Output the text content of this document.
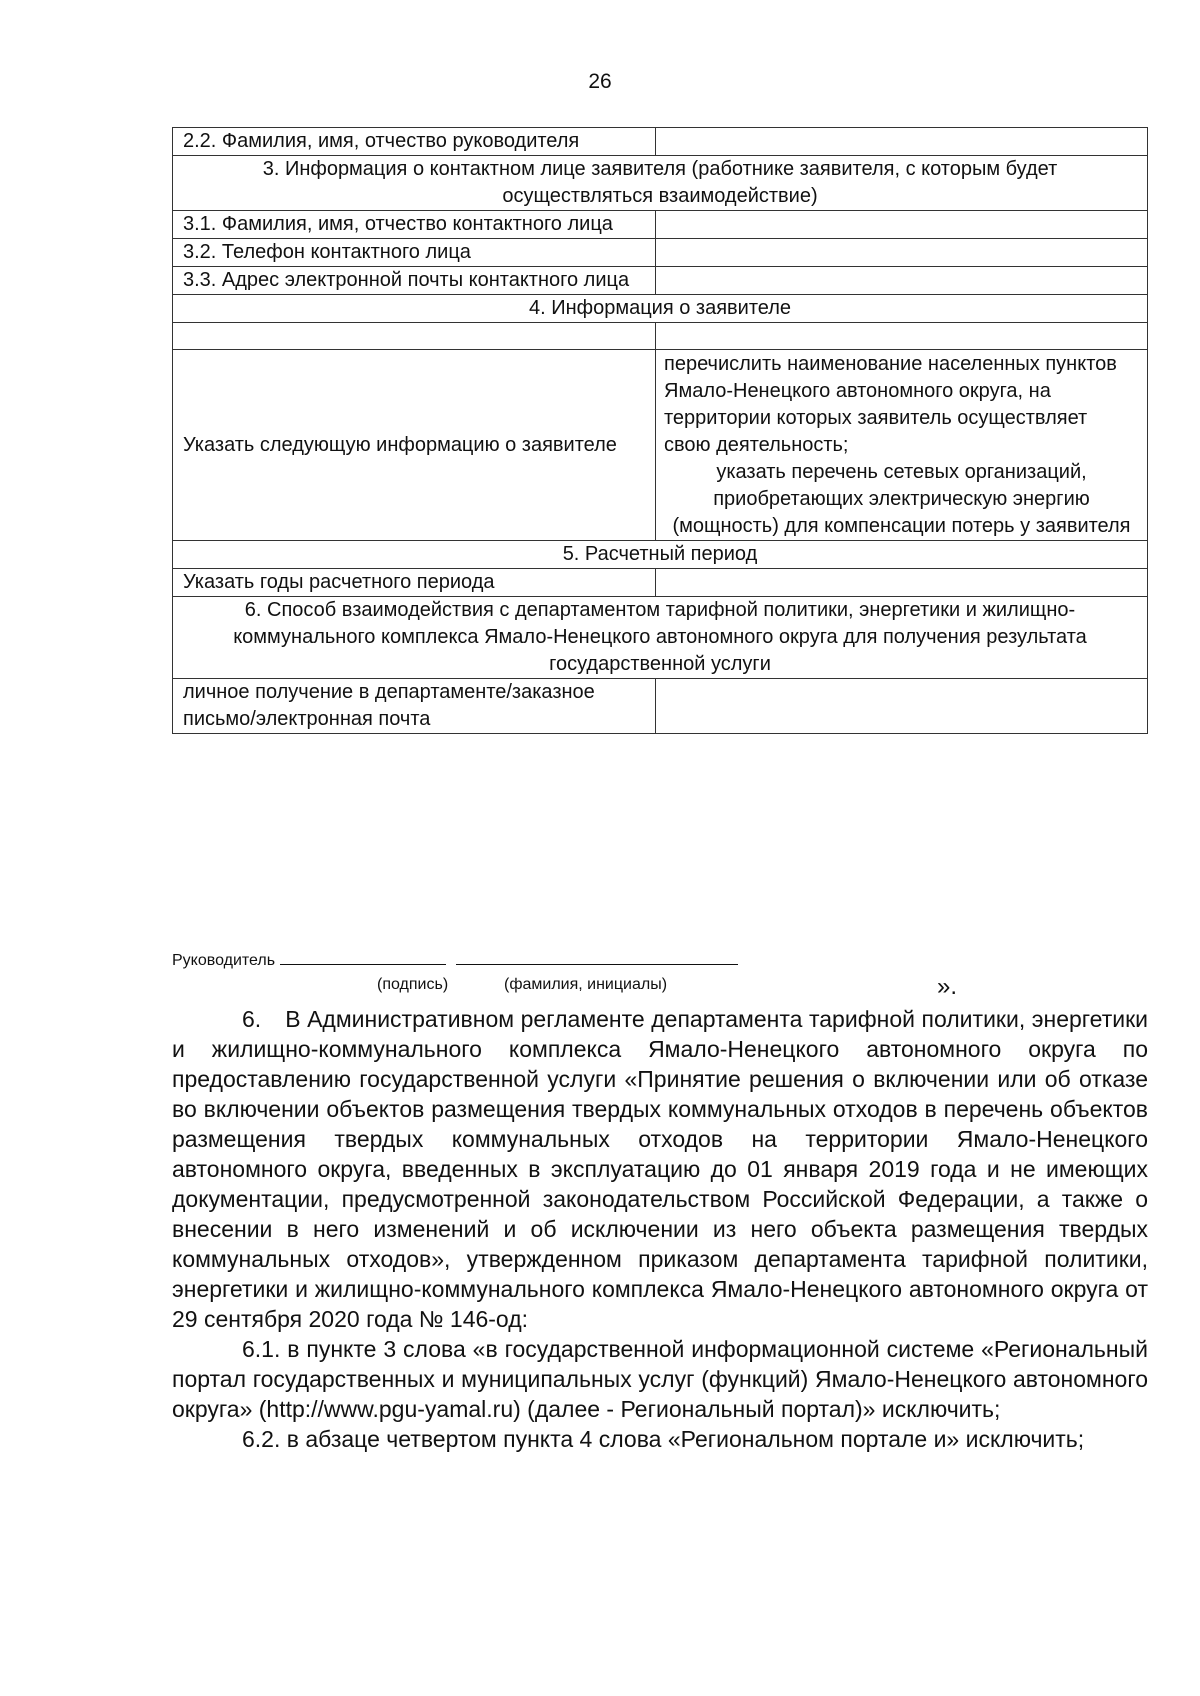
26
2.2. Фамилия, имя, отчество руководителя	
3. Информация о контактном лице заявителя (работнике заявителя, с которым будет осуществляться взаимодействие)	
3.1. Фамилия, имя, отчество контактного лица	
3.2. Телефон контактного лица	
3.3. Адрес электронной почты контактного лица	
4. Информация о заявителе	

Указать следующую информацию о заявителе	перечислить наименование населенных пунктов Ямало-Ненецкого автономного округа, на территории которых заявитель осуществляет свою деятельность;
указать перечень сетевых организаций, приобретающих электрическую энергию (мощность) для компенсации потерь у заявителя

5. Расчетный период	
Указать годы расчетного периода	
6. Способ взаимодействия с департаментом тарифной политики, энергетики и жилищно-коммунального комплекса Ямало-Ненецкого автономного округа для получения результата государственной услуги	
личное получение в департаменте/заказное письмо/электронная почта	
Руководитель
(подпись)	(фамилия, инициалы)	».

6. В Административном регламенте департамента тарифной политики, энергетики и жилищно-коммунального комплекса Ямало-Ненецкого автономного округа по предоставлению государственной услуги «Принятие решения о включении или об отказе во включении объектов размещения твердых коммунальных отходов в перечень объектов размещения твердых коммунальных отходов на территории Ямало-Ненецкого автономного округа, введенных в эксплуатацию до 01 января 2019 года и не имеющих документации, предусмотренной законодательством Российской Федерации, а также о внесении в него изменений и об исключении из него объекта размещения твердых коммунальных отходов», утвержденном приказом департамента тарифной политики, энергетики и жилищно-коммунального комплекса Ямало-Ненецкого автономного округа от 29 сентября 2020 года № 146-од:

6.1. в пункте 3 слова «в государственной информационной системе «Региональный портал государственных и муниципальных услуг (функций) Ямало-Ненецкого автономного округа» (http://www.pgu-yamal.ru) (далее - Региональный портал)» исключить;

6.2. в абзаце четвертом пункта 4 слова «Региональном портале и» исключить;
